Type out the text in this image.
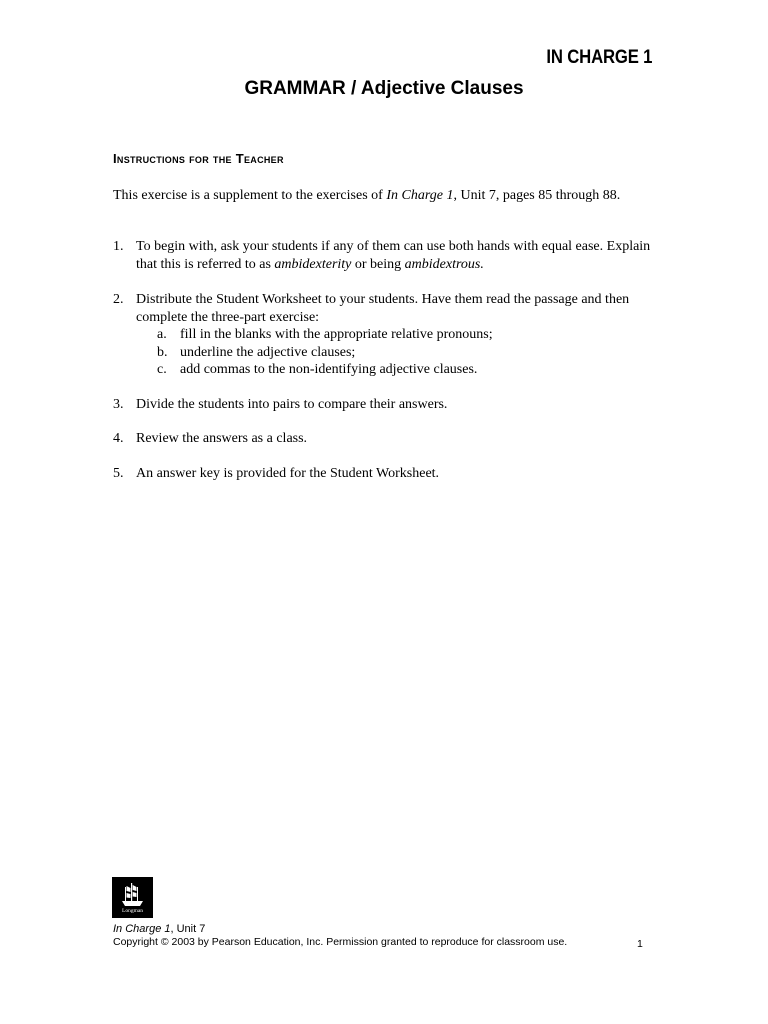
IN CHARGE 1
GRAMMAR / Adjective Clauses
Instructions for the Teacher
This exercise is a supplement to the exercises of In Charge 1, Unit 7, pages 85 through 88.
1. To begin with, ask your students if any of them can use both hands with equal ease. Explain that this is referred to as ambidexterity or being ambidextrous.
2. Distribute the Student Worksheet to your students. Have them read the passage and then complete the three-part exercise:
a. fill in the blanks with the appropriate relative pronouns;
b. underline the adjective clauses;
c. add commas to the non-identifying adjective clauses.
3. Divide the students into pairs to compare their answers.
4. Review the answers as a class.
5. An answer key is provided for the Student Worksheet.
Longman
In Charge 1, Unit 7
Copyright © 2003 by Pearson Education, Inc. Permission granted to reproduce for classroom use.	1
